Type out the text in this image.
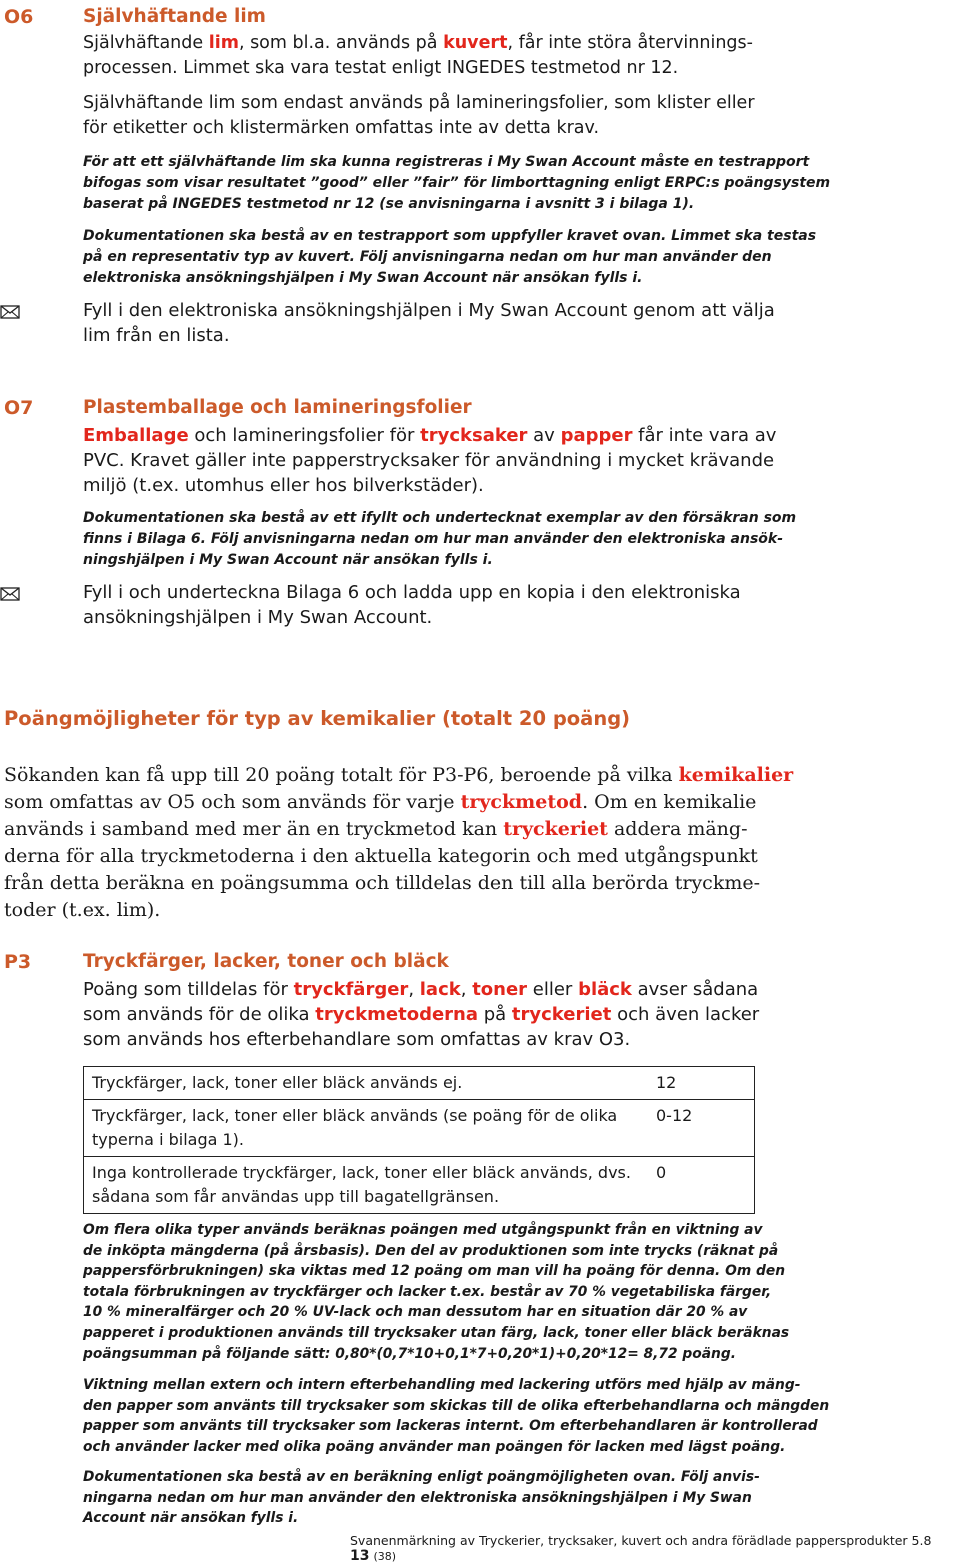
O6	Självhäftande lim

Självhäftande lim, som bl.a. används på kuvert, får inte störa återvinnings-

processen. Limmet ska vara testat enligt INGEDES testmetod nr 12.

Självhäftande lim som endast används på lamineringsfolier, som klister eller

för etiketter och klistermärken omfattas inte av detta krav.

För att ett självhäftande lim ska kunna registreras i My Swan Account måste en testrapport

bifogas som visar resultatet ”good” eller ”fair” för limborttagning enligt ERPC:s poängsystem

baserat på INGEDES testmetod nr 12 (se anvisningarna i avsnitt 3 i bilaga 1).

Dokumentationen ska bestå av en testrapport som uppfyller kravet ovan. Limmet ska testas

på en representativ typ av kuvert. Följ anvisningarna nedan om hur man använder den

elektroniska ansökningshjälpen i My Swan Account när ansökan fylls i.

Fyll i den elektroniska ansökningshjälpen i My Swan Account genom att välja

lim från en lista.

O7	Plastemballage och lamineringsfolier

Emballage och lamineringsfolier för trycksaker av papper får inte vara av

PVC. Kravet gäller inte papperstrycksaker för användning i mycket krävande

miljö (t.ex. utomhus eller hos bilverkstäder).

Dokumentationen ska bestå av ett ifyllt och undertecknat exemplar av den försäkran som

finns i Bilaga 6. Följ anvisningarna nedan om hur man använder den elektroniska ansök-

ningshjälpen i My Swan Account när ansökan fylls i.

Fyll i och underteckna Bilaga 6 och ladda upp en kopia i den elektroniska

ansökningshjälpen i My Swan Account.

Poängmöjligheter för typ av kemikalier (totalt 20 poäng)

Sökanden kan få upp till 20 poäng totalt för P3-P6, beroende på vilka kemikalier

som omfattas av O5 och som används för varje tryckmetod. Om en kemikalie

används i samband med mer än en tryckmetod kan tryckeriet addera mäng-

derna för alla tryckmetoderna i den aktuella kategorin och med utgångspunkt

från detta beräkna en poängsumma och tilldelas den till alla berörda tryckme-

toder (t.ex. lim).

P3	Tryckfärger, lacker, toner och bläck

Poäng som tilldelas för tryckfärger, lack, toner eller bläck avser sådana

som används för de olika tryckmetoderna på tryckeriet och även lacker

som används hos efterbehandlare som omfattas av krav O3.

Tryckfärger, lack, toner eller bläck används ej.	12
Tryckfärger, lack, toner eller bläck används (se poäng för de olika typerna i bilaga 1).	0-12
Inga kontrollerade tryckfärger, lack, toner eller bläck används, dvs. sådana som får användas upp till bagatellgränsen.	0

Om flera olika typer används beräknas poängen med utgångspunkt från en viktning av

de inköpta mängderna (på årsbasis). Den del av produktionen som inte trycks (räknat på

pappersförbrukningen) ska viktas med 12 poäng om man vill ha poäng för denna. Om den

totala förbrukningen av tryckfärger och lacker t.ex. består av 70 % vegetabiliska färger,

10 % mineralfärger och 20 % UV-lack och man dessutom har en situation där 20 % av

papperet i produktionen används till trycksaker utan färg, lack, toner eller bläck beräknas

poängsumman på följande sätt: 0,80*(0,7*10+0,1*7+0,20*1)+0,20*12= 8,72 poäng.

Viktning mellan extern och intern efterbehandling med lackering utförs med hjälp av mäng-

den papper som använts till trycksaker som skickas till de olika efterbehandlarna och mängden

papper som använts till trycksaker som lackeras internt. Om efterbehandlaren är kontrollerad

och använder lacker med olika poäng använder man poängen för lacken med lägst poäng.

Dokumentationen ska bestå av en beräkning enligt poängmöjligheten ovan. Följ anvis-

ningarna nedan om hur man använder den elektroniska ansökningshjälpen i My Swan

Account när ansökan fylls i.

Svanenmärkning av Tryckerier, trycksaker, kuvert och andra förädlade pappersprodukter 5.8  13 (38)
